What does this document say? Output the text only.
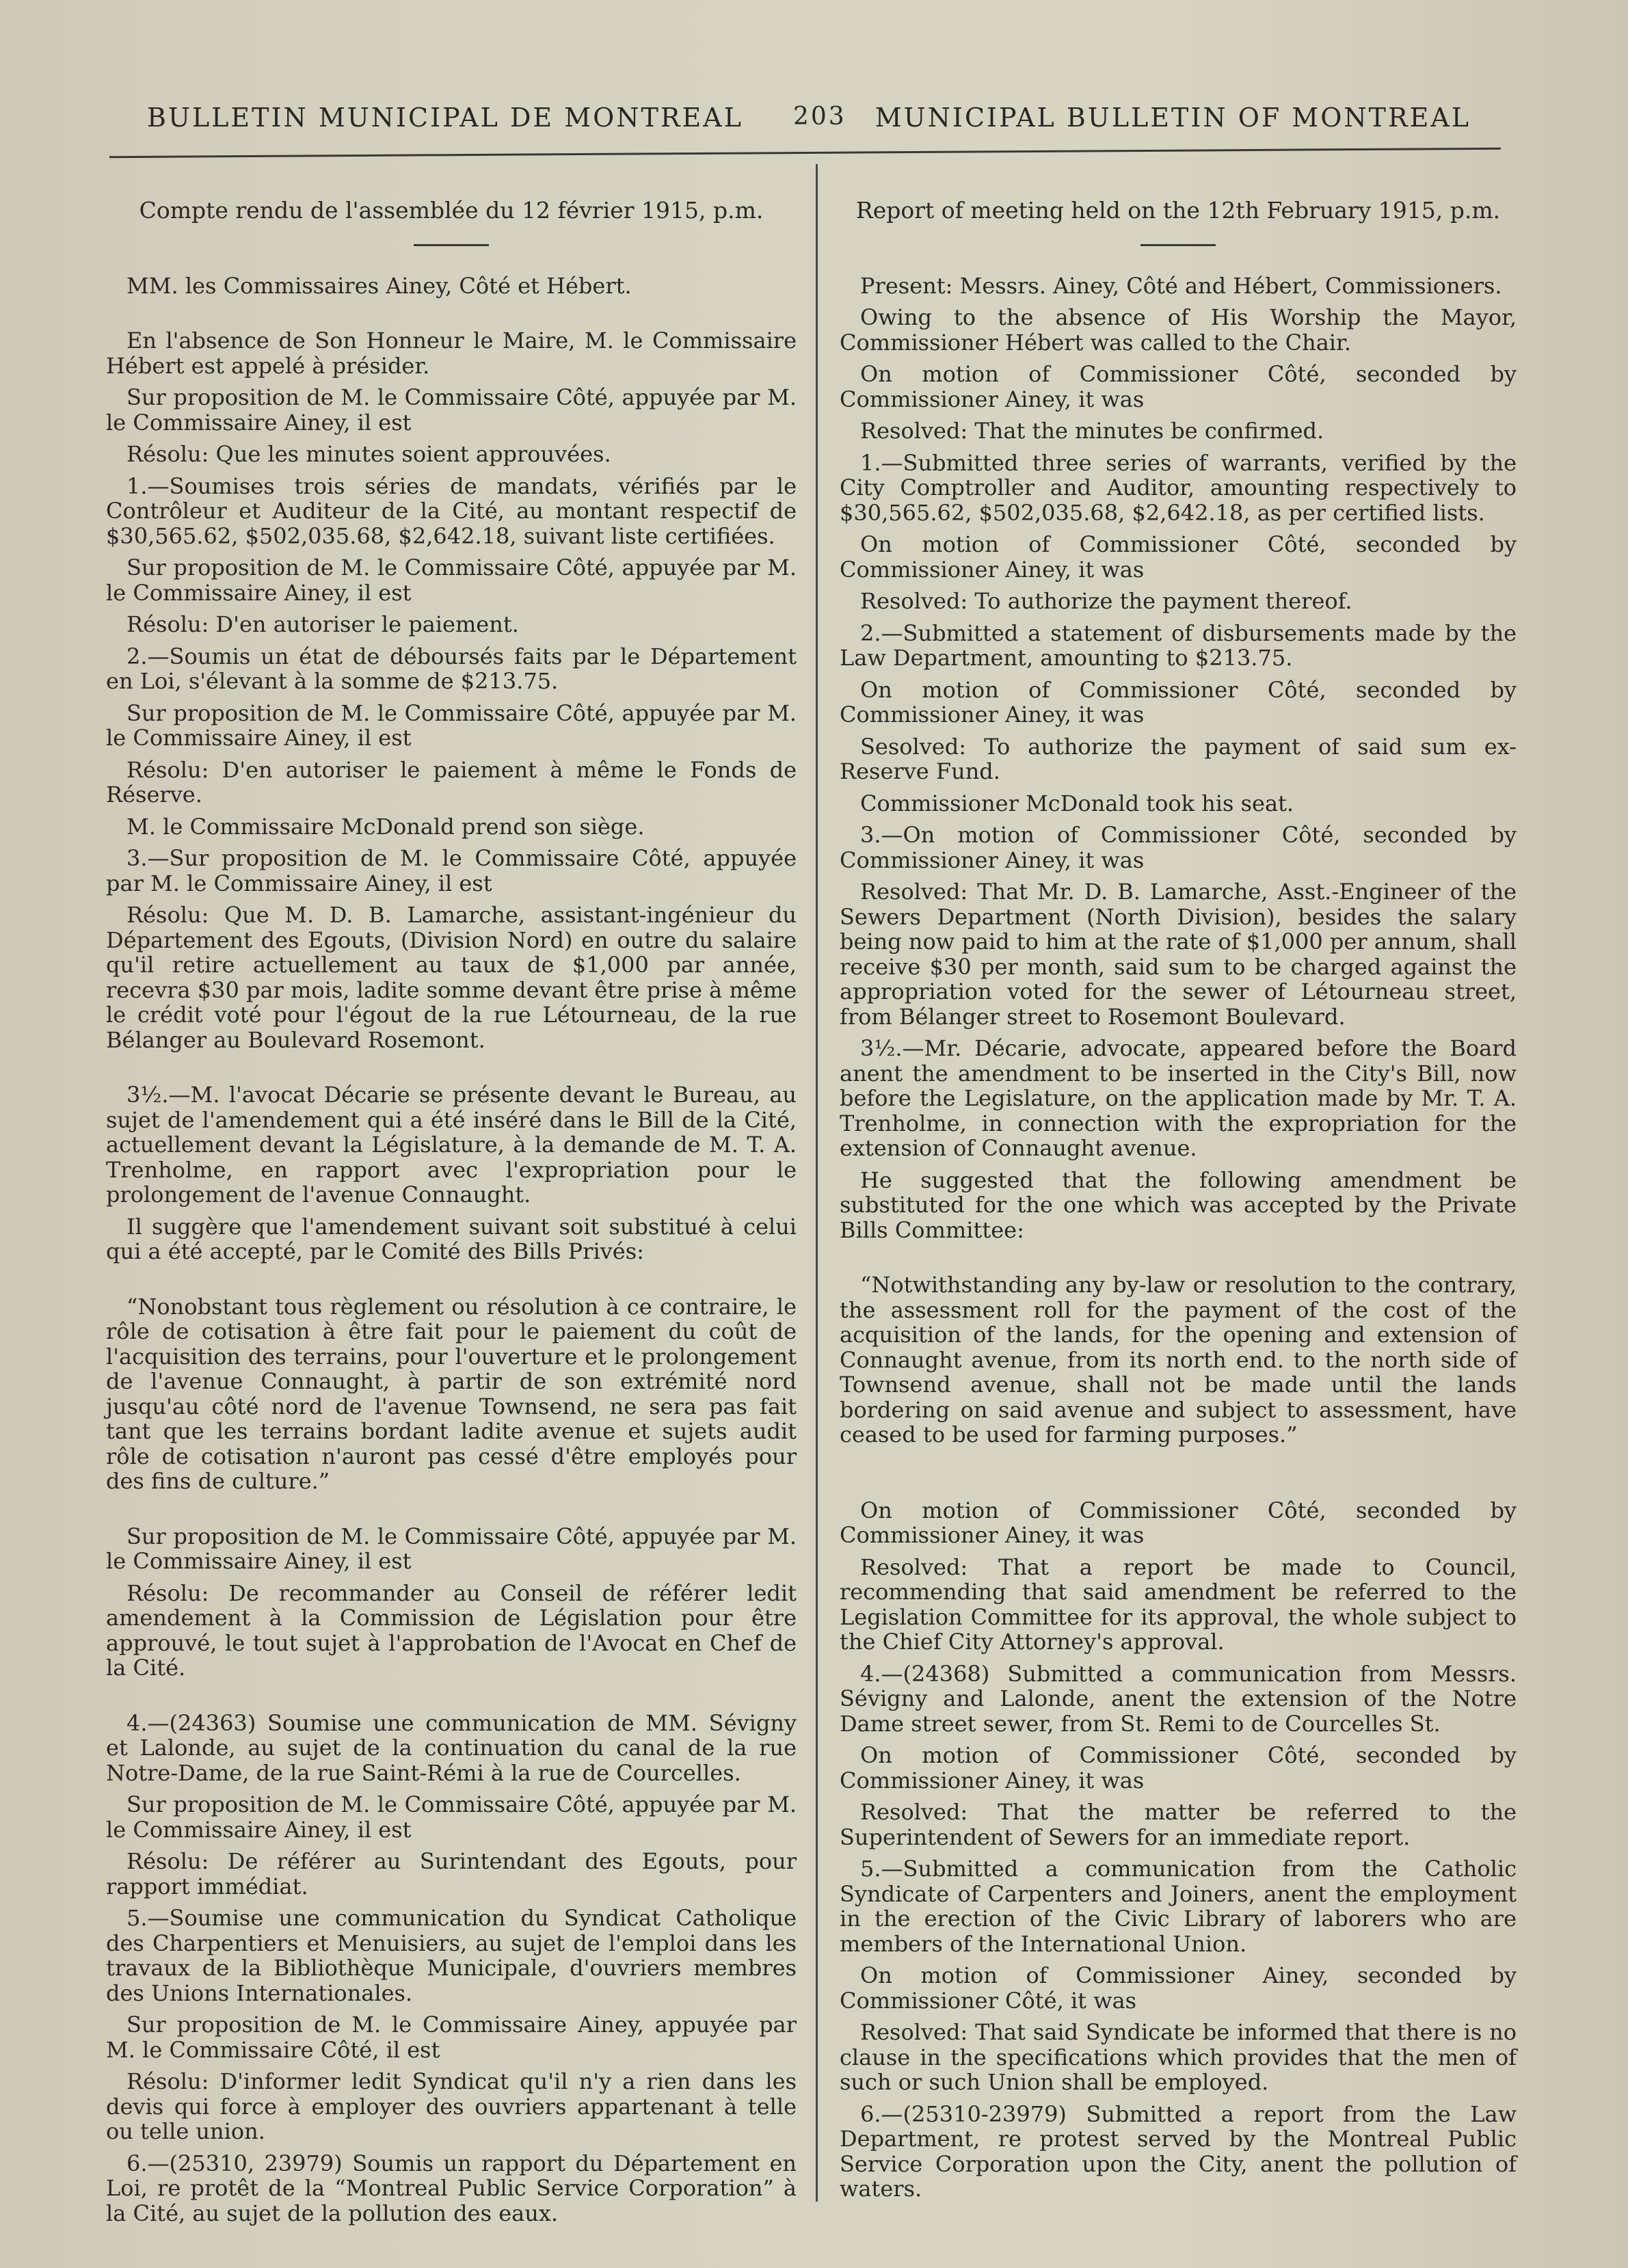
BULLETIN MUNICIPAL DE MONTREAL 203 MUNICIPAL BULLETIN OF MONTREAL

Compte rendu de l'assemblée du 12 février 1915, p.m.

MM. les Commissaires Ainey, Côté et Hébert.

En l'absence de Son Honneur le Maire, M. le Commissaire Hébert est appelé à présider.

Sur proposition de M. le Commissaire Côté, appuyée par M. le Commissaire Ainey, il est

Résolu: Que les minutes soient approuvées.

1.—Soumises trois séries de mandats, vérifiés par le Contrôleur et Auditeur de la Cité, au montant respectif de $30,565.62, $502,035.68, $2,642.18, suivant liste certifiées.

Sur proposition de M. le Commissaire Côté, appuyée par M. le Commissaire Ainey, il est

Résolu: D'en autoriser le paiement.

2.—Soumis un état de déboursés faits par le Département en Loi, s'élevant à la somme de $213.75.

Sur proposition de M. le Commissaire Côté, appuyée par M. le Commissaire Ainey, il est

Résolu: D'en autoriser le paiement à même le Fonds de Réserve.

M. le Commissaire McDonald prend son siège.

3.—Sur proposition de M. le Commissaire Côté, appuyée par M. le Commissaire Ainey, il est

Résolu: Que M. D. B. Lamarche, assistant-ingénieur du Département des Egouts, (Division Nord) en outre du salaire qu'il retire actuellement au taux de $1,000 par année, recevra $30 par mois, ladite somme devant être prise à même le crédit voté pour l'égout de la rue Létourneau, de la rue Bélanger au Boulevard Rosemont.

3½.—M. l'avocat Décarie se présente devant le Bureau, au sujet de l'amendement qui a été inséré dans le Bill de la Cité, actuellement devant la Législature, à la demande de M. T. A. Trenholme, en rapport avec l'expropriation pour le prolongement de l'avenue Connaught.

Il suggère que l'amendement suivant soit substitué à celui qui a été accepté, par le Comité des Bills Privés:

“Nonobstant tous règlement ou résolution à ce contraire, le rôle de cotisation à être fait pour le paiement du coût de l'acquisition des terrains, pour l'ouverture et le prolongement de l'avenue Connaught, à partir de son extrémité nord jusqu'au côté nord de l'avenue Townsend, ne sera pas fait tant que les terrains bordant ladite avenue et sujets audit rôle de cotisation n'auront pas cessé d'être employés pour des fins de culture.”

Sur proposition de M. le Commissaire Côté, appuyée par M. le Commissaire Ainey, il est

Résolu: De recommander au Conseil de référer ledit amendement à la Commission de Législation pour être approuvé, le tout sujet à l'approbation de l'Avocat en Chef de la Cité.

4.—(24363) Soumise une communication de MM. Sévigny et Lalonde, au sujet de la continuation du canal de la rue Notre-Dame, de la rue Saint-Rémi à la rue de Courcelles.

Sur proposition de M. le Commissaire Côté, appuyée par M. le Commissaire Ainey, il est

Résolu: De référer au Surintendant des Egouts, pour rapport immédiat.

5.—Soumise une communication du Syndicat Catholique des Charpentiers et Menuisiers, au sujet de l'emploi dans les travaux de la Bibliothèque Municipale, d'ouvriers membres des Unions Internationales.

Sur proposition de M. le Commissaire Ainey, appuyée par M. le Commissaire Côté, il est

Résolu: D'informer ledit Syndicat qu'il n'y a rien dans les devis qui force à employer des ouvriers appartenant à telle ou telle union.

6.—(25310, 23979) Soumis un rapport du Département en Loi, re protêt de la “Montreal Public Service Corporation” à la Cité, au sujet de la pollution des eaux.

Report of meeting held on the 12th February 1915, p.m.

Present: Messrs. Ainey, Côté and Hébert, Commissioners.

Owing to the absence of His Worship the Mayor, Commissioner Hébert was called to the Chair.

On motion of Commissioner Côté, seconded by Commissioner Ainey, it was

Resolved: That the minutes be confirmed.

1.—Submitted three series of warrants, verified by the City Comptroller and Auditor, amounting respectively to $30,565.62, $502,035.68, $2,642.18, as per certified lists.

On motion of Commissioner Côté, seconded by Commissioner Ainey, it was

Resolved: To authorize the payment thereof.

2.—Submitted a statement of disbursements made by the Law Department, amounting to $213.75.

On motion of Commissioner Côté, seconded by Commissioner Ainey, it was

Sesolved: To authorize the payment of said sum ex-Reserve Fund.

Commissioner McDonald took his seat.

3.—On motion of Commissioner Côté, seconded by Commissioner Ainey, it was

Resolved: That Mr. D. B. Lamarche, Asst.-Engineer of the Sewers Department (North Division), besides the salary being now paid to him at the rate of $1,000 per annum, shall receive $30 per month, said sum to be charged against the appropriation voted for the sewer of Létourneau street, from Bélanger street to Rosemont Boulevard.

3½.—Mr. Décarie, advocate, appeared before the Board anent the amendment to be inserted in the City's Bill, now before the Legislature, on the application made by Mr. T. A. Trenholme, in connection with the expropriation for the extension of Connaught avenue.

He suggested that the following amendment be substituted for the one which was accepted by the Private Bills Committee:

“Notwithstanding any by-law or resolution to the contrary, the assessment roll for the payment of the cost of the acquisition of the lands, for the opening and extension of Connaught avenue, from its north end. to the north side of Townsend avenue, shall not be made until the lands bordering on said avenue and subject to assessment, have ceased to be used for farming purposes.”

On motion of Commissioner Côté, seconded by Commissioner Ainey, it was

Resolved: That a report be made to Council, recommending that said amendment be referred to the Legislation Committee for its approval, the whole subject to the Chief City Attorney's approval.

4.—(24368) Submitted a communication from Messrs. Sévigny and Lalonde, anent the extension of the Notre Dame street sewer, from St. Remi to de Courcelles St.

On motion of Commissioner Côté, seconded by Commissioner Ainey, it was

Resolved: That the matter be referred to the Superintendent of Sewers for an immediate report.

5.—Submitted a communication from the Catholic Syndicate of Carpenters and Joiners, anent the employment in the erection of the Civic Library of laborers who are members of the International Union.

On motion of Commissioner Ainey, seconded by Commissioner Côté, it was

Resolved: That said Syndicate be informed that there is no clause in the specifications which provides that the men of such or such Union shall be employed.

6.—(25310-23979) Submitted a report from the Law Department, re protest served by the Montreal Public Service Corporation upon the City, anent the pollution of waters.
